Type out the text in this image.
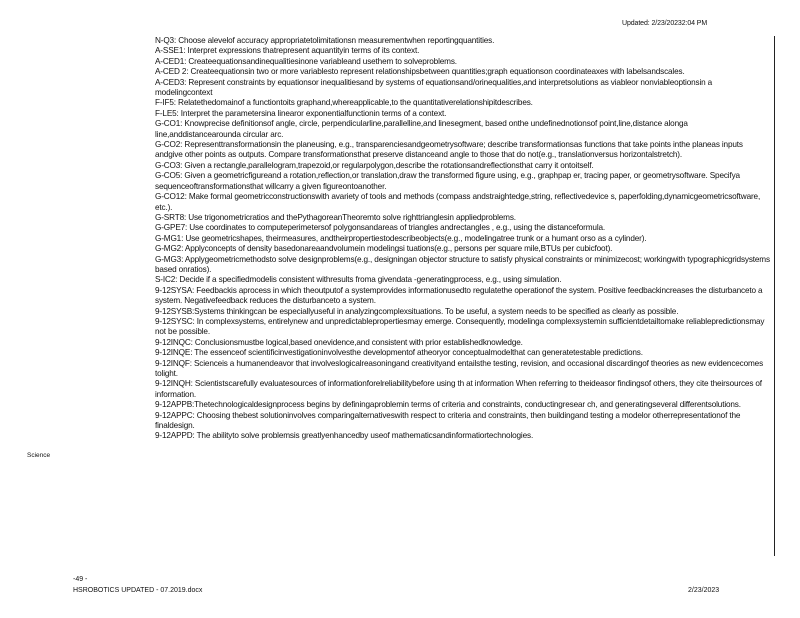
Updated: 2/23/20232:04 PM
Science

N-Q3: Choose alevelof accuracy appropriatetolimitationsn measurementwhen reportingquantities.

A-SSE1: Interpret expressions thatrepresent aquantityin terms of its context.

A-CED1: Createequationsandinequalitiesinone variableand usethem to solveproblems.

A-CED 2: Createequationsin two or more variablesto represent relationshipsbetween quantities;graph equationson coordinateaxes with labelsandscales.

A-CED3: Represent constraints by equationsor inequalitiesand by systems of equationsand/orinequalities,and interpretsolutions as viableor nonviableoptionsin a modelingcontext

F-IF5: Relatethedomainof a functiontoits graphand,whereapplicable,to the quantitativerelationshipitdescribes.

F-LE5: Interpret the parametersina linearor exponentialfunctionin terms of a context.

G-CO1: Knowprecise definitionsof angle, circle, perpendicularline,parallelline,and linesegment, based onthe undefinednotionsof point,line,distance alonga line,anddistancearounda circular arc.

G-CO2: Representtransformationsin the planeusing, e.g., transparenciesandgeometrysoftware; describe transformationsas functions that take points inthe planeas inputs andgive other points as outputs. Compare transformationsthat preserve distanceand angle to those that do not(e.g., translationversus horizontalstretch).

G-CO3: Given a rectangle,parallelogram,trapezoid,or regularpolygon,describe the rotationsandreflectionsthat carry it ontoitself.

G-CO5: Given a geometricfigureand a rotation,reflection,or translation,draw the transformed figure using, e.g., graphpap er, tracing paper, or geometrysoftware. Specifya sequenceoftransformationsthat willcarry a given figureontoanother.

G-CO12: Make formal geometricconstructionswith avariety of tools and methods (compass andstraightedge,string, reflectivedevice s, paperfolding,dynamicgeometricsoftware, etc.).

G-SRT8: Use trigonometricratios and thePythagoreanTheoremto solve righttrianglesin appliedproblems.

G-GPE7: Use coordinates to computeperimetersof polygonsandareas of triangles andrectangles , e.g., using the distanceformula.

G-MG1: Use geometricshapes, theirmeasures, andtheirpropertiestodescribeobjects(e.g., modelingatree trunk or a humant orso as a cylinder).

G-MG2: Applyconcepts of density basedonareaandvolumein modelingsi tuations(e.g., persons per square mile,BTUs per cubicfoot).

G-MG3: Applygeometricmethodsto solve designproblems(e.g., designingan objector structure to satisfy physical constraints or minimizecost; workingwith typographicgridsystems based onratios).

S-IC2: Decide if a specifiedmodelis consistent withresults froma givendata -generatingprocess, e.g., using simulation.

9-12SYSA: Feedbackis aprocess in which theoutputof a systemprovides informationusedto regulatethe operationof the system. Positive feedbackincreases the disturbanceto a system. Negativefeedback reduces the disturbanceto a system.

9-12SYSB:Systems thinkingcan be especiallyuseful in analyzingcomplexsituations. To be useful, a system needs to be specified as clearly as possible.

9-12SYSC: In complexsystems, entirelynew and unpredictablepropertiesmay emerge. Consequently, modelinga complexsystemin sufficientdetailtomake reliablepredictionsmay not be possible.

9-12INQC: Conclusionsmustbe logical,based onevidence,and consistent with prior establishedknowledge.

9-12INQE: The essenceof scientificinvestigationinvolvesthe developmentof atheoryor conceptualmodelthat can generatetestable predictions.

9-12INQF: Scienceis a humanendeavor that involveslogicalreasoningand creativityand entailsthe testing, revision, and occasional discardingof theories as new evidencecomes tolight.

9-12INQH: Scientistscarefully evaluatesources of informationforelreliabilitybefore using th at information When referring to theideasor findingsof others, they cite theirsources of information.

9-12APPB:Thetechnologicaldesignprocess begins by definingaproblemin terms of criteria and constraints, conductingresear ch, and generatingseveral differentsolutions.

9-12APPC: Choosing thebest solutioninvolves comparingalternativeswith respect to criteria and constraints, then buildingand testing a modelor otherrepresentationof the finaldesign.

9-12APPD: The abilityto solve problemsis greatlyenhancedby useof mathematicsandinformatiortechnologies.

-49 -
HSROBOTICS UPDATED - 07.2019.docx	2/23/2023
